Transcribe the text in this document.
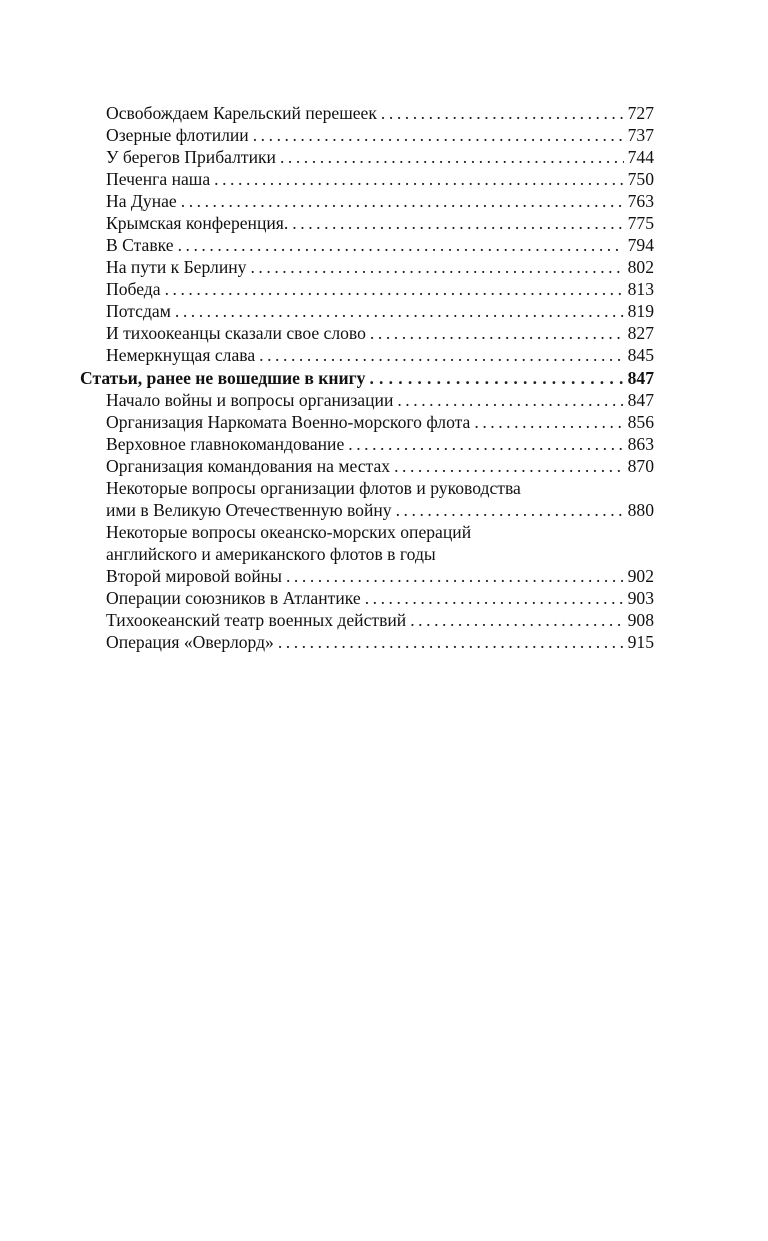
Освобождаем Карельский перешеек .....	727
Озерные флотилии .....	737
У берегов Прибалтики .....	744
Печенга наша .....	750
На Дунае .....	763
Крымская конференция. .....	775
В Ставке .....	794
На пути к Берлину .....	802
Победа .....	813
Потсдам .....	819
И тихоокеанцы сказали свое слово .....	827
Немеркнущая слава .....	845
Статьи, ранее не вошедшие в книгу .....	847
Начало войны и вопросы организации .....	847
Организация Наркомата Военно-морского флота .....	856
Верховное главнокомандование .....	863
Организация командования на местах .....	870
Некоторые вопросы организации флотов и руководства
ими в Великую Отечественную войну .....	880
Некоторые вопросы океанско-морских операций
английского и американского флотов в годы
Второй мировой войны .....	902
Операции союзников в Атлантике .....	903
Тихоокеанский театр военных действий .....	908
Операция «Оверлорд» .....	915
